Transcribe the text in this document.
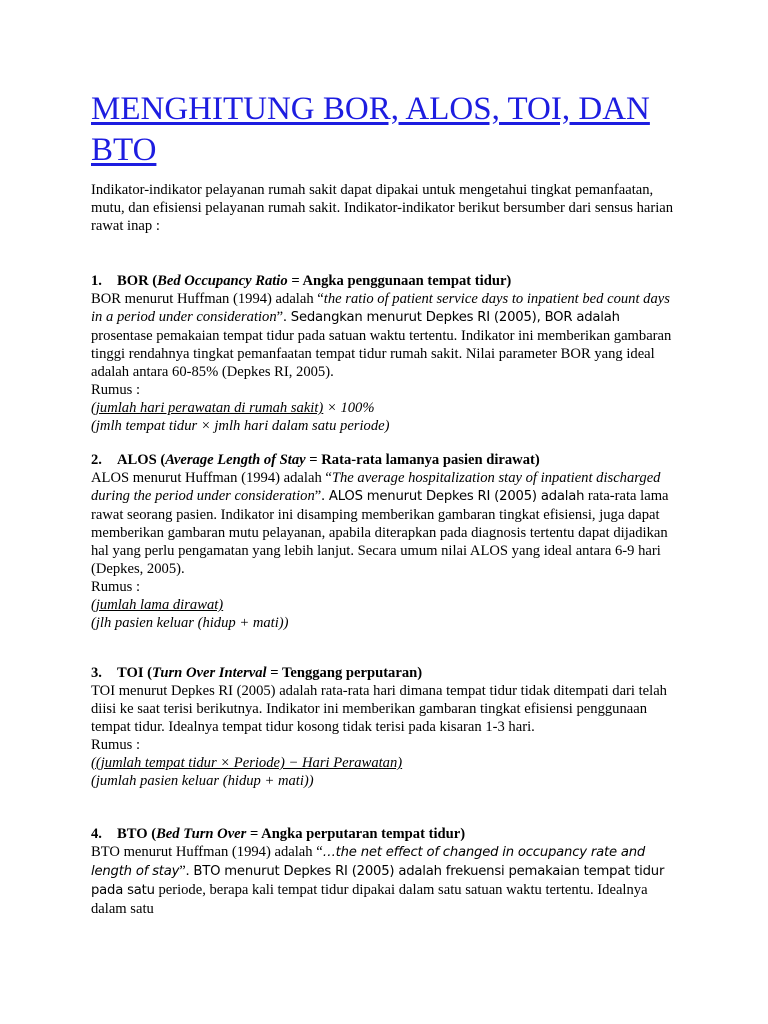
MENGHITUNG BOR, ALOS, TOI, DAN BTO

Indikator-indikator pelayanan rumah sakit dapat dipakai untuk mengetahui tingkat pemanfaatan, mutu, dan efisiensi pelayanan rumah sakit. Indikator-indikator berikut bersumber dari sensus harian rawat inap :

1. BOR (Bed Occupancy Ratio = Angka penggunaan tempat tidur)

BOR menurut Huffman (1994) adalah “the ratio of patient service days to inpatient bed count days in a period under consideration”. Sedangkan menurut Depkes RI (2005), BOR adalah prosentase pemakaian tempat tidur pada satuan waktu tertentu. Indikator ini memberikan gambaran tinggi rendahnya tingkat pemanfaatan tempat tidur rumah sakit. Nilai parameter BOR yang ideal adalah antara 60-85% (Depkes RI, 2005).

Rumus :

(jumlah hari perawatan di rumah sakit) × 100%

(jmlh tempat tidur × jmlh hari dalam satu periode)

2. ALOS (Average Length of Stay = Rata-rata lamanya pasien dirawat)

ALOS menurut Huffman (1994) adalah “The average hospitalization stay of inpatient discharged during the period under consideration”. ALOS menurut Depkes RI (2005) adalah rata-rata lama rawat seorang pasien. Indikator ini disamping memberikan gambaran tingkat efisiensi, juga dapat memberikan gambaran mutu pelayanan, apabila diterapkan pada diagnosis tertentu dapat dijadikan hal yang perlu pengamatan yang lebih lanjut. Secara umum nilai ALOS yang ideal antara 6-9 hari (Depkes, 2005).

Rumus :

(jumlah lama dirawat)

(jlh pasien keluar (hidup + mati))

3. TOI (Turn Over Interval = Tenggang perputaran)

TOI menurut Depkes RI (2005) adalah rata-rata hari dimana tempat tidur tidak ditempati dari telah diisi ke saat terisi berikutnya. Indikator ini memberikan gambaran tingkat efisiensi penggunaan tempat tidur. Idealnya tempat tidur kosong tidak terisi pada kisaran 1-3 hari.

Rumus :

((jumlah tempat tidur × Periode) − Hari Perawatan)

(jumlah pasien keluar (hidup + mati))

4. BTO (Bed Turn Over = Angka perputaran tempat tidur)

BTO menurut Huffman (1994) adalah “…the net effect of changed in occupancy rate and length of stay”. BTO menurut Depkes RI (2005) adalah frekuensi pemakaian tempat tidur pada satu periode, berapa kali tempat tidur dipakai dalam satu satuan waktu tertentu. Idealnya dalam satu
